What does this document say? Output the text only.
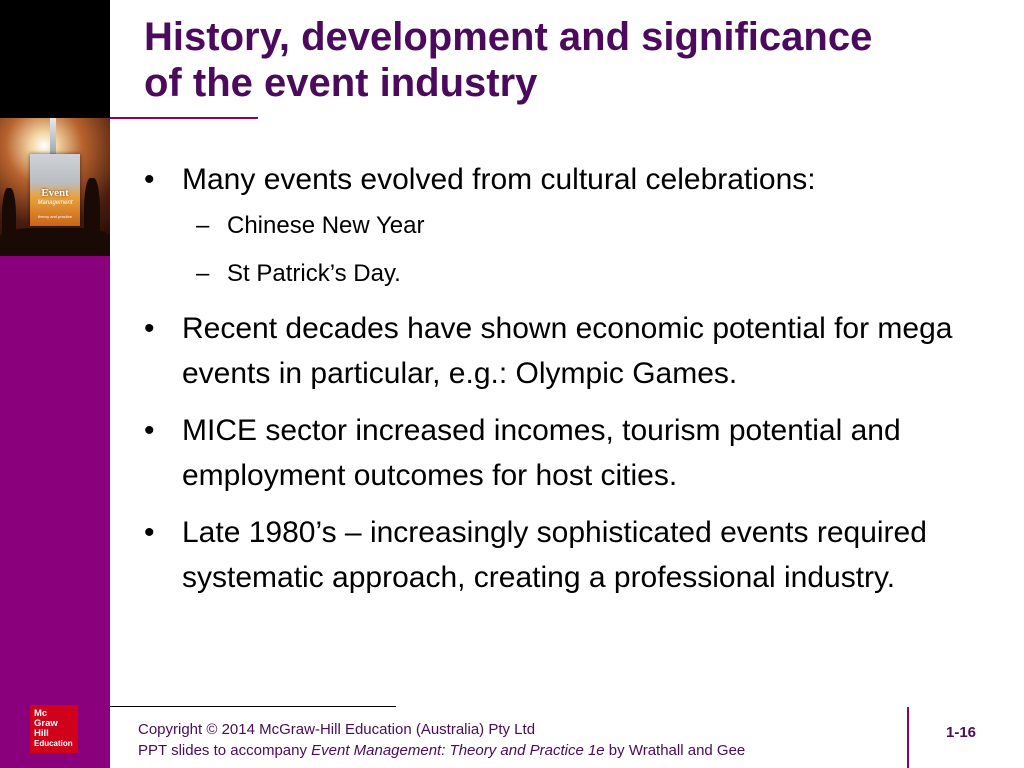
Event
Management
theory and practice
Mc
Graw
Hill
Education
History, development and significance
of the event industry
• Many events evolved from cultural celebrations:
– Chinese New Year
– St Patrick’s Day.
• Recent decades have shown economic potential for mega events in particular, e.g.: Olympic Games.
• MICE sector increased incomes, tourism potential and employment outcomes for host cities.
• Late 1980’s – increasingly sophisticated events required systematic approach, creating a professional industry.
Copyright © 2014 McGraw-Hill Education (Australia) Pty Ltd
PPT slides to accompany Event Management: Theory and Practice 1e by Wrathall and Gee
1-16
